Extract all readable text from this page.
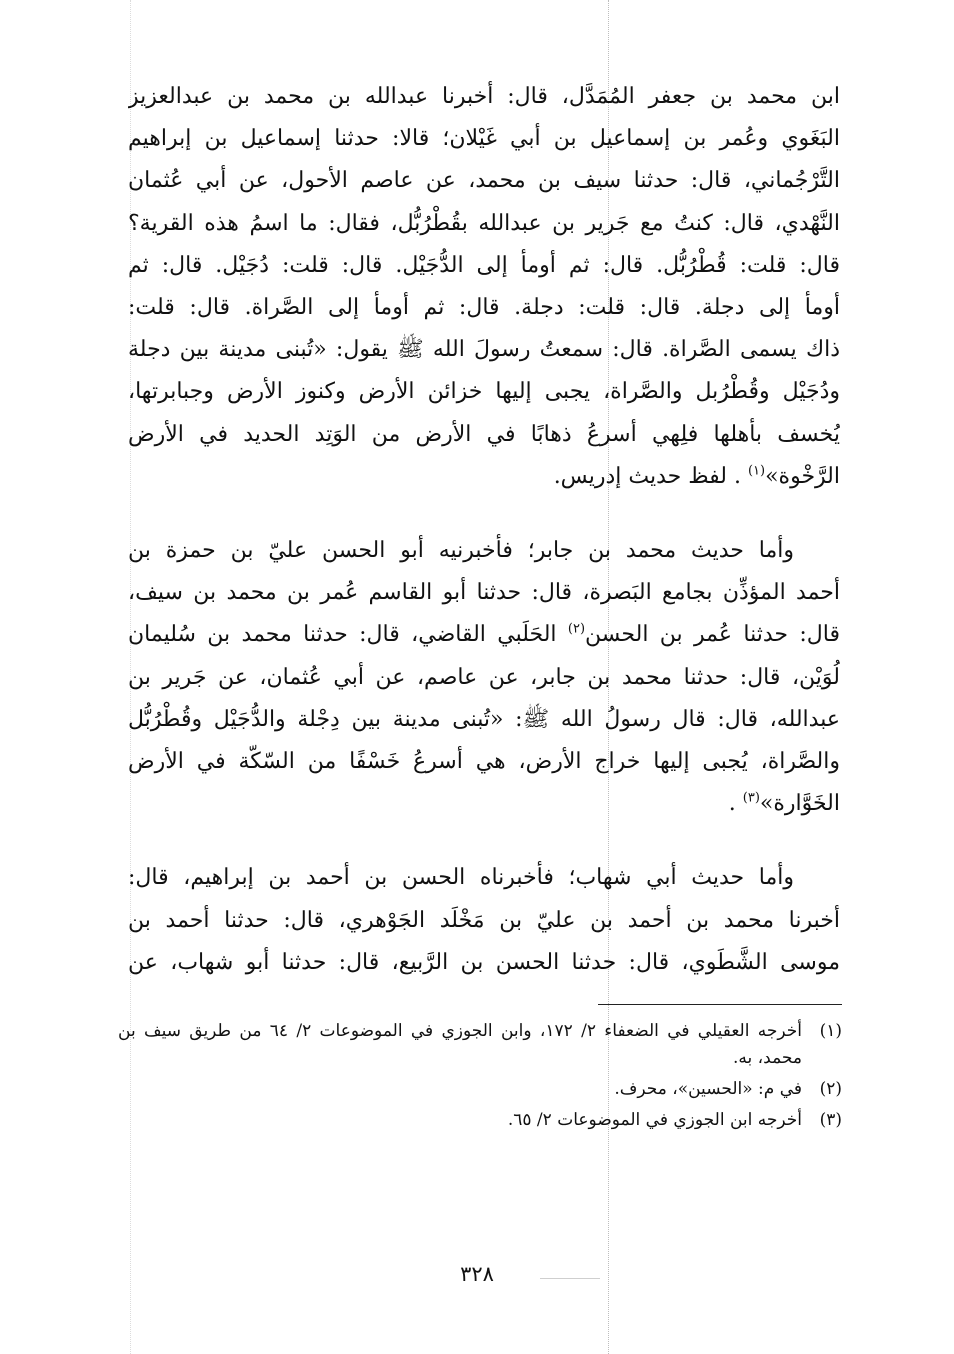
ابن محمد بن جعفر المُمَدَّل، قال: أخبرنا عبدالله بن محمد بن عبدالعزيز
البَغَوي وعُمر بن إسماعيل بن أبي غَيْلان؛ قالا: حدثنا إسماعيل بن إبراهيم
التَّرْجُماني، قال: حدثنا سيف بن محمد، عن عاصم الأحول، عن أبي عُثمان
النَّهْدي، قال: كنتُ مع جَرير بن عبدالله بقُطْرُبُّل، فقال: ما اسمُ هذه القرية؟
قال: قلت: قُطْرُبُّل. قال: ثم أومأ إلى الدُّجَيْل. قال: قلت: دُجَيْل. قال: ثم
أومأ إلى دجلة. قال: قلت: دجلة. قال: ثم أومأ إلى الصَّراة. قال: قلت:
ذاك يسمى الصَّراة. قال: سمعتُ رسولَ الله ﷺ يقول: «تُبنى مدينة بين دجلة
ودُجَيْل وقُطْرُبل والصَّراة، يجبى إليها خزائن الأرض وكنوز الأرض وجبابرتها،
يُخسف بأهلها فلِهي أسرعُ ذهابًا في الأرض من الوَتِد الحديد في الأرض
الرَّخْوة»$^{(١)}$ . لفظ حديث إدريس.

وأما حديث محمد بن جابر؛ فأخبرنيه أبو الحسن عليّ بن حمزة بن
أحمد المؤذِّن بجامع البَصرة، قال: حدثنا أبو القاسم عُمر بن محمد بن سيف،
قال: حدثنا عُمر بن الحسن$^{(٢)}$ الحَلَبي القاضي، قال: حدثنا محمد بن سُليمان
لُوَيْن، قال: حدثنا محمد بن جابر، عن عاصم، عن أبي عُثمان، عن جَرير بن
عبدالله، قال: قال رسولُ الله ﷺ: «تُبنى مدينة بين دِجْلة والدُّجَيْل وقُطْرُبُّل
والصَّراة، يُجبى إليها خراج الأرض، هي أسرعُ خَسْفًا من السّكّة في الأرض
الخَوَّارة»$^{(٣)}$ .

وأما حديث أبي شهاب؛ فأخبرناه الحسن بن أحمد بن إبراهيم، قال:
أخبرنا محمد بن أحمد بن عليّ بن مَخْلَد الجَوْهري، قال: حدثنا أحمد بن
موسى الشَّطَوي، قال: حدثنا الحسن بن الرَّبيع، قال: حدثنا أبو شهاب، عن

(١)
أخرجه العقيلي في الضعفاء ٢/ ١٧٢، وابن الجوزي في الموضوعات ٢/ ٦٤ من طريق سيف بن محمد، به.
(٢)
في م: «الحسين»، محرف.
(٣)
أخرجه ابن الجوزي في الموضوعات ٢/ ٦٥.
٣٢٨
